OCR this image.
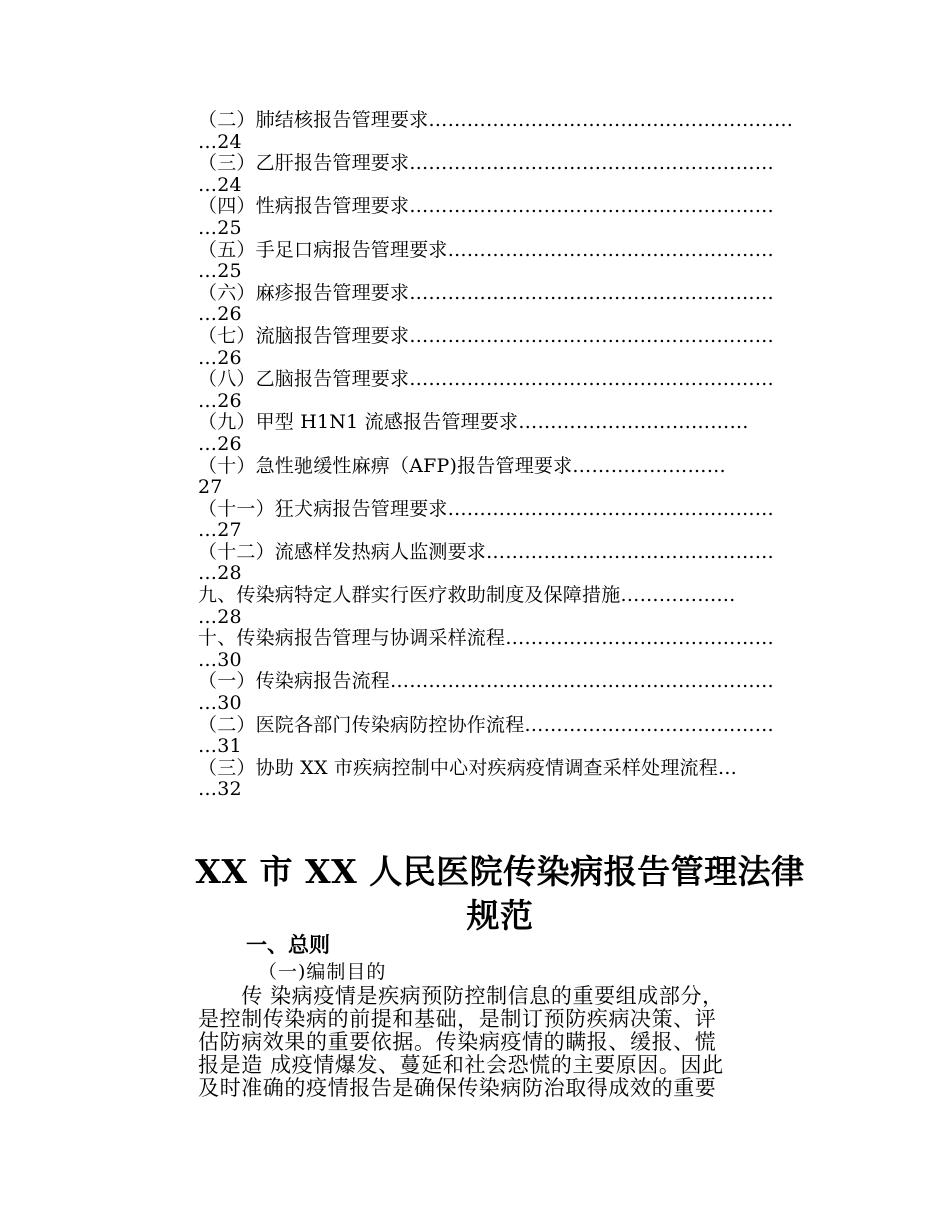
（二）肺结核报告管理要求…………………………………………………
…24
（三）乙肝报告管理要求…………………………………………………
…24
（四）性病报告管理要求…………………………………………………
…25
（五）手足口病报告管理要求……………………………………………
…25
（六）麻疹报告管理要求…………………………………………………
…26
（七）流脑报告管理要求…………………………………………………
…26
（八）乙脑报告管理要求…………………………………………………
…26
（九）甲型 H1N1 流感报告管理要求………………………………
…26
（十）急性驰缓性麻痹（AFP)报告管理要求……………………
27
（十一）狂犬病报告管理要求……………………………………………
…27
（十二）流感样发热病人监测要求………………………………………
…28
九、传染病特定人群实行医疗救助制度及保障措施………………
…28
十、传染病报告管理与协调采样流程……………………………………
…30
（一）传染病报告流程……………………………………………………
…30
（二）医院各部门传染病防控协作流程…………………………………
…31
（三）协助 XX 市疾病控制中心对疾病疫情调查采样处理流程…
…32
XX 市 XX 人民医院传染病报告管理法律
规范
一、总则
（一)编制目的
　　传 染病疫情是疾病预防控制信息的重要组成部分，
是控制传染病的前提和基础，是制订预防疾病决策、评
估防病效果的重要依据。传染病疫情的瞒报、缓报、慌
报是造 成疫情爆发、蔓延和社会恐慌的主要原因。因此
及时准确的疫情报告是确保传染病防治取得成效的重要
